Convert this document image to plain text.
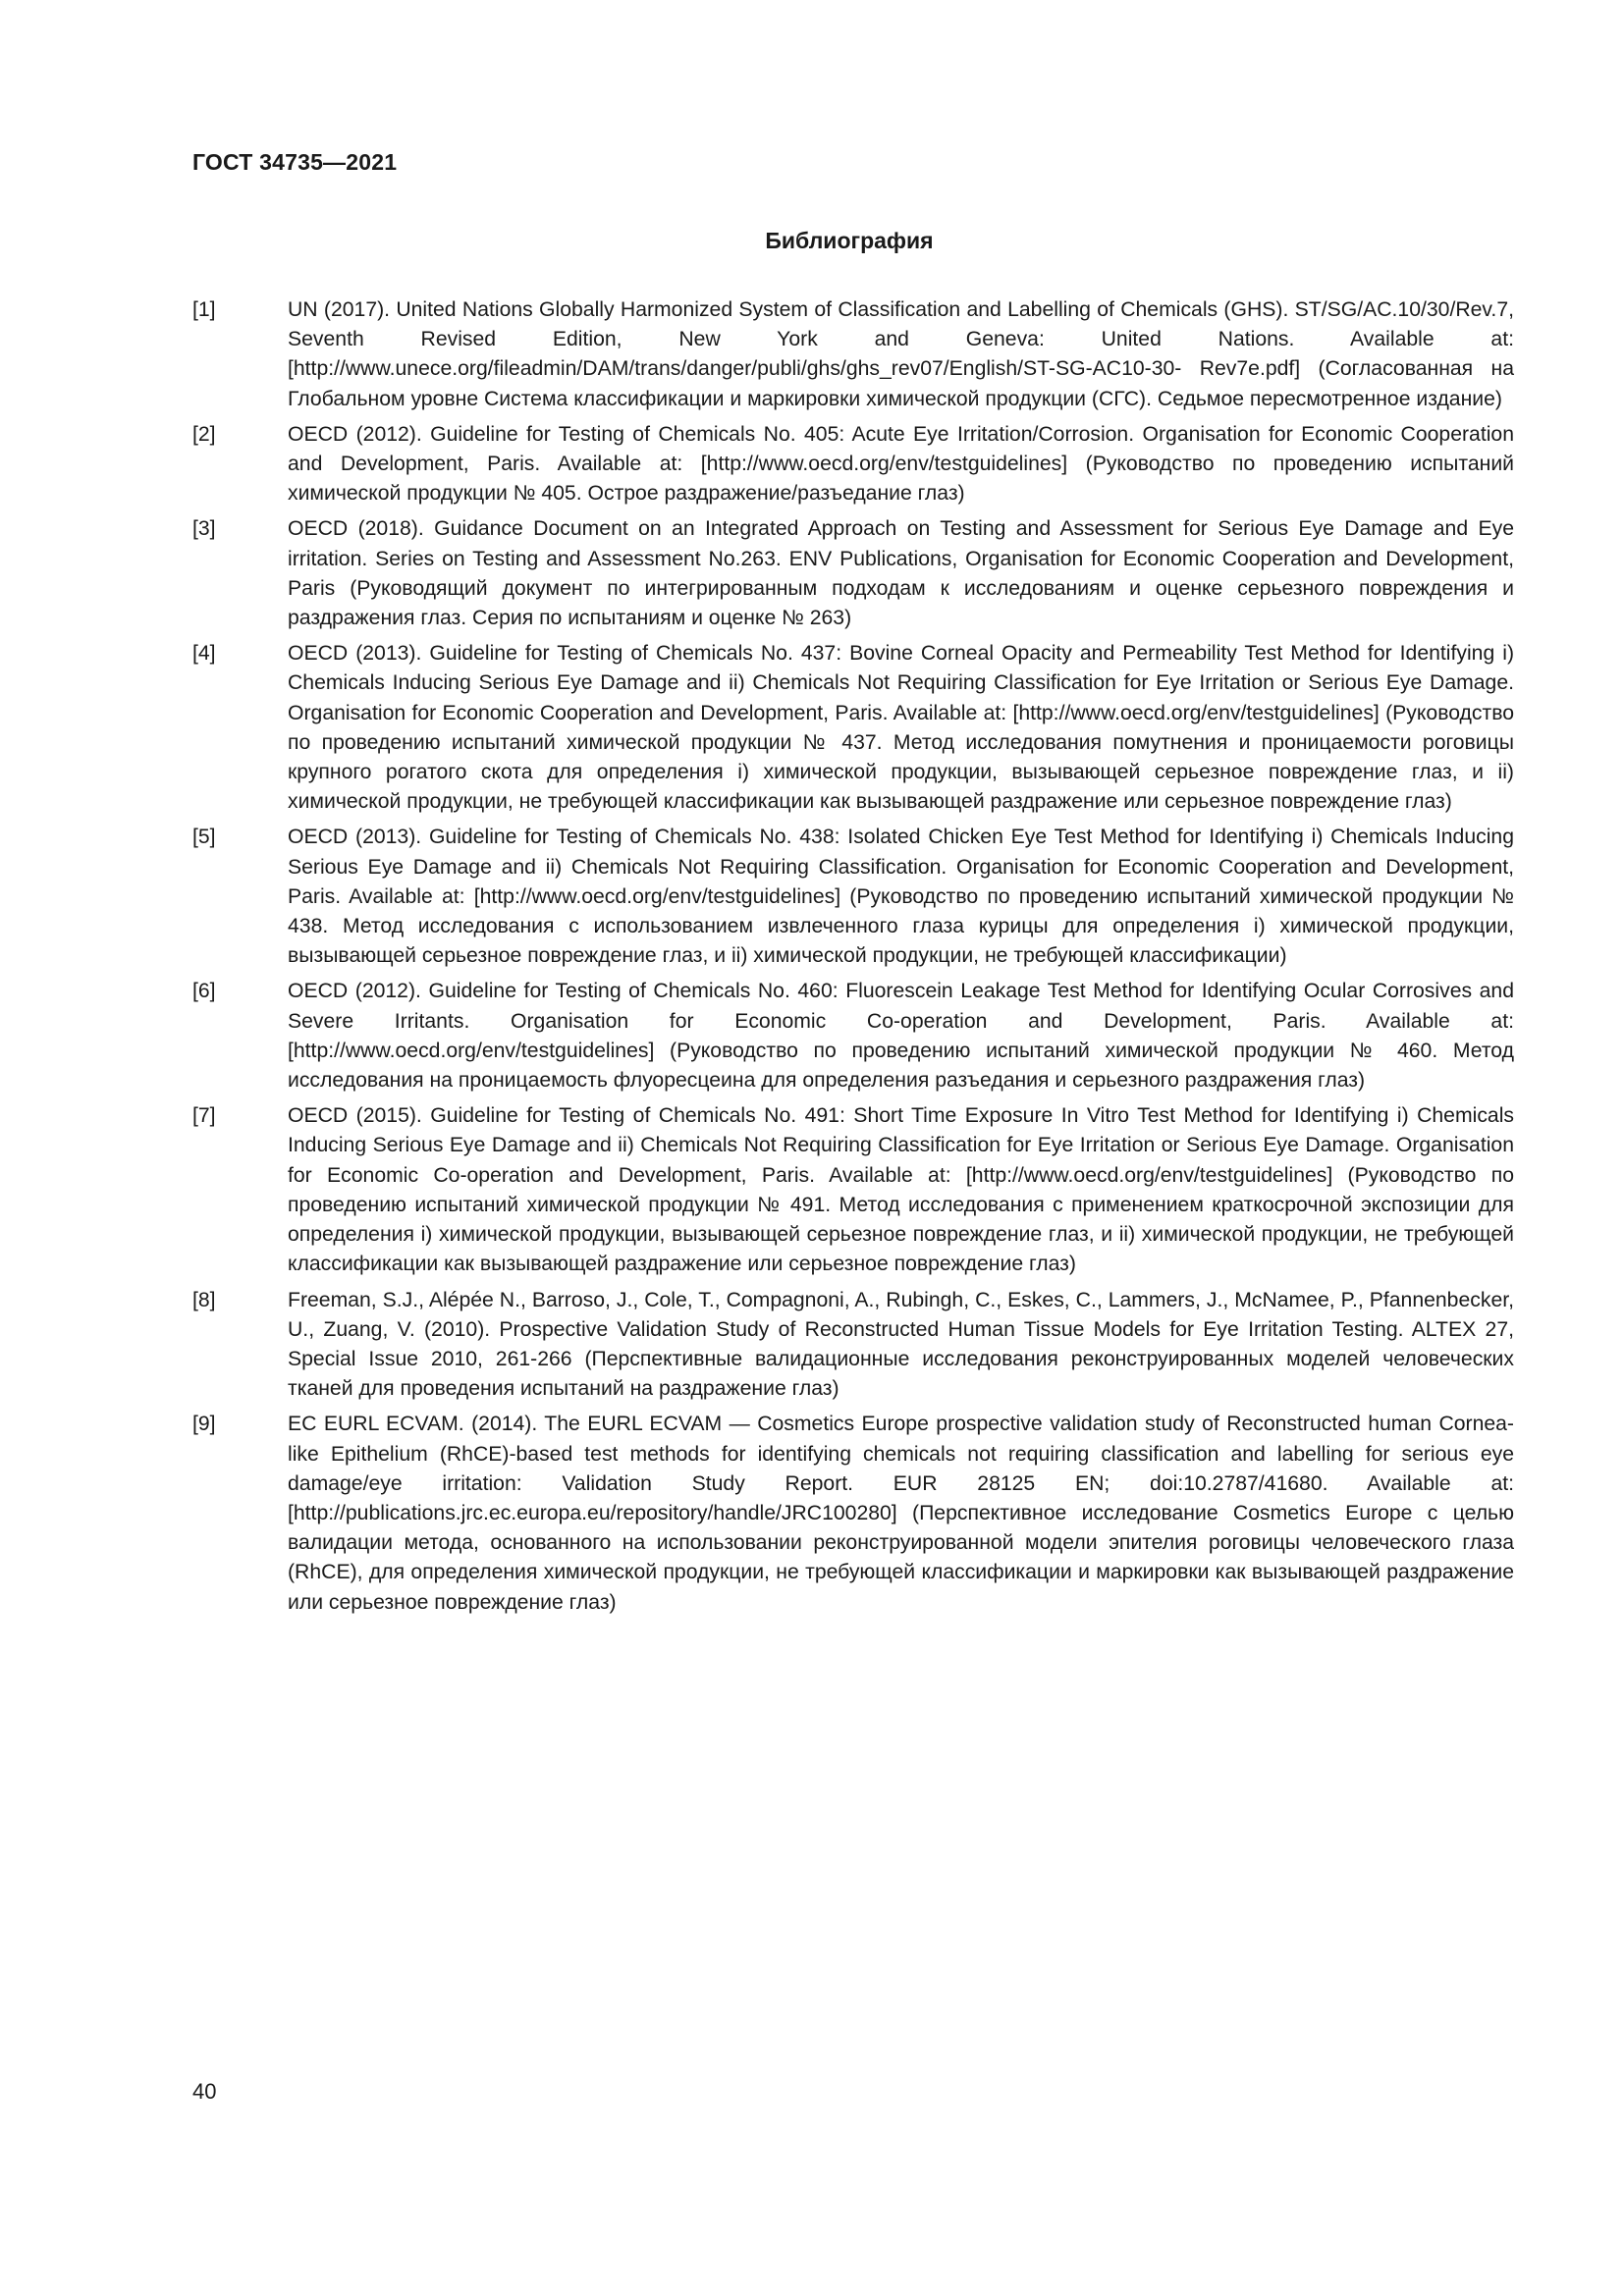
ГОСТ 34735—2021
Библиография
[1]	UN (2017). United Nations Globally Harmonized System of Classification and Labelling of Chemicals (GHS). ST/SG/AC.10/30/Rev.7, Seventh Revised Edition, New York and Geneva: United Nations. Available at: [http://www.unece.org/fileadmin/DAM/trans/danger/publi/ghs/ghs_rev07/English/ST-SG-AC10-30- Rev7e.pdf] (Согласованная на Глобальном уровне Система классификации и маркировки химической продукции (СГС). Седьмое пересмотренное издание)
[2]	OECD (2012). Guideline for Testing of Chemicals No. 405: Acute Eye Irritation/Corrosion. Organisation for Economic Cooperation and Development, Paris. Available at: [http://www.oecd.org/env/testguidelines] (Руководство по проведению испытаний химической продукции № 405. Острое раздражение/разъедание глаз)
[3]	OECD (2018). Guidance Document on an Integrated Approach on Testing and Assessment for Serious Eye Damage and Eye irritation. Series on Testing and Assessment No.263. ENV Publications, Organisation for Economic Cooperation and Development, Paris (Руководящий документ по интегрированным подходам к исследованиям и оценке серьезного повреждения и раздражения глаз. Серия по испытаниям и оценке № 263)
[4]	OECD (2013). Guideline for Testing of Chemicals No. 437: Bovine Corneal Opacity and Permeability Test Method for Identifying i) Chemicals Inducing Serious Eye Damage and ii) Chemicals Not Requiring Classification for Eye Irritation or Serious Eye Damage. Organisation for Economic Cooperation and Development, Paris. Available at: [http://www.oecd.org/env/testguidelines] (Руководство по проведению испытаний химической продукции № 437. Метод исследования помутнения и проницаемости роговицы крупного рогатого скота для определения i) химической продукции, вызывающей серьезное повреждение глаз, и ii) химической продукции, не требующей классификации как вызывающей раздражение или серьезное повреждение глаз)
[5]	OECD (2013). Guideline for Testing of Chemicals No. 438: Isolated Chicken Eye Test Method for Identifying i) Chemicals Inducing Serious Eye Damage and ii) Chemicals Not Requiring Classification. Organisation for Economic Cooperation and Development, Paris. Available at: [http://www.oecd.org/env/testguidelines] (Руководство по проведению испытаний химической продукции № 438. Метод исследования с использованием извлеченного глаза курицы для определения i) химической продукции, вызывающей серьезное повреждение глаз, и ii) химической продукции, не требующей классификации)
[6]	OECD (2012). Guideline for Testing of Chemicals No. 460: Fluorescein Leakage Test Method for Identifying Ocular Corrosives and Severe Irritants. Organisation for Economic Co-operation and Development, Paris. Available at: [http://www.oecd.org/env/testguidelines] (Руководство по проведению испытаний химической продукции № 460. Метод исследования на проницаемость флуоресцеина для определения разъедания и серьезного раздражения глаз)
[7]	OECD (2015). Guideline for Testing of Chemicals No. 491: Short Time Exposure In Vitro Test Method for Identifying i) Chemicals Inducing Serious Eye Damage and ii) Chemicals Not Requiring Classification for Eye Irritation or Serious Eye Damage. Organisation for Economic Co-operation and Development, Paris. Available at: [http://www.oecd.org/env/testguidelines] (Руководство по проведению испытаний химической продукции № 491. Метод исследования с применением краткосрочной экспозиции для определения i) химической продукции, вызывающей серьезное повреждение глаз, и ii) химической продукции, не требующей классификации как вызывающей раздражение или серьезное повреждение глаз)
[8]	Freeman, S.J., Alépée N., Barroso, J., Cole, T., Compagnoni, A., Rubingh, C., Eskes, C., Lammers, J., McNamee, P., Pfannenbecker, U., Zuang, V. (2010). Prospective Validation Study of Reconstructed Human Tissue Models for Eye Irritation Testing. ALTEX 27, Special Issue 2010, 261-266 (Перспективные валидационные исследования реконструированных моделей человеческих тканей для проведения испытаний на раздражение глаз)
[9]	EC EURL ECVAM. (2014). The EURL ECVAM — Cosmetics Europe prospective validation study of Reconstructed human Cornea-like Epithelium (RhCE)-based test methods for identifying chemicals not requiring classification and labelling for serious eye damage/eye irritation: Validation Study Report. EUR 28125 EN; doi:10.2787/41680. Available at: [http://publications.jrc.ec.europa.eu/repository/handle/JRC100280] (Перспективное исследование Cosmetics Europe с целью валидации метода, основанного на использовании реконструированной модели эпителия роговицы человеческого глаза (RhCE), для определения химической продукции, не требующей классификации и маркировки как вызывающей раздражение или серьезное повреждение глаз)
40
